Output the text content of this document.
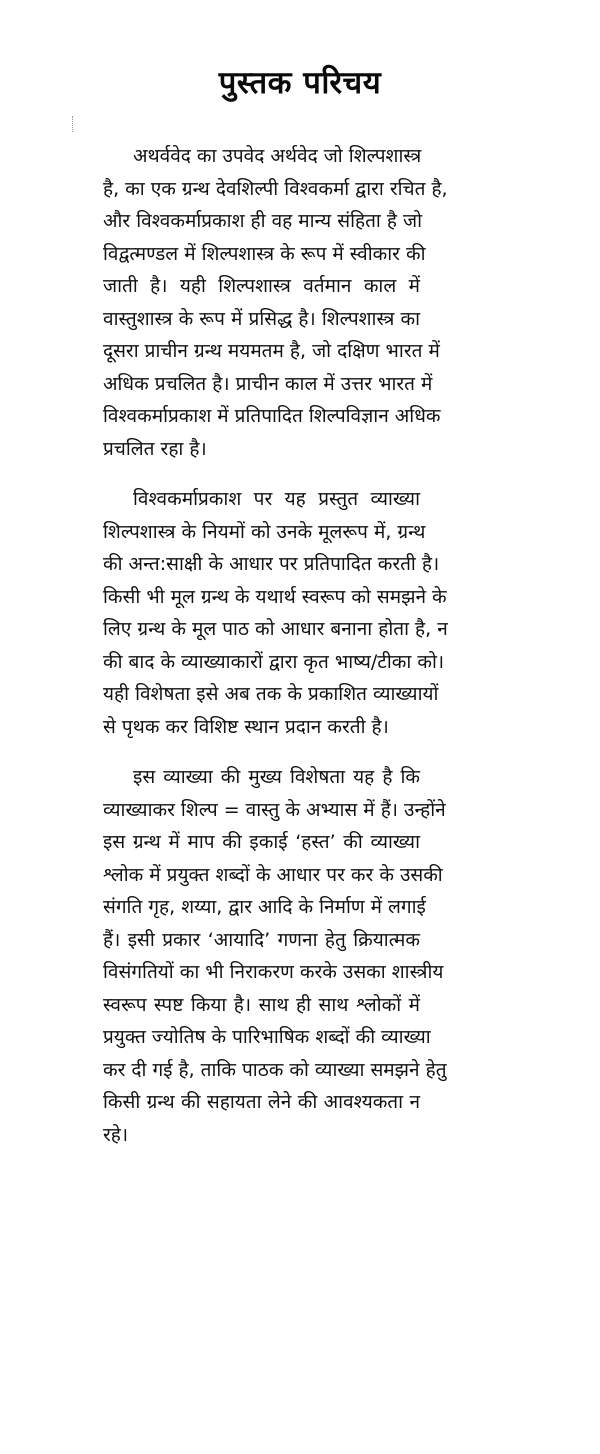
पुस्तक परिचय
अथर्ववेद का उपवेद अर्थवेद जो शिल्पशास्त्र
है, का एक ग्रन्थ देवशिल्पी विश्वकर्मा द्वारा रचित है,
और विश्वकर्माप्रकाश ही वह मान्य संहिता है जो
विद्वत्मण्डल में शिल्पशास्त्र के रूप में स्वीकार की
जाती है। यही शिल्पशास्त्र वर्तमान काल में
वास्तुशास्त्र के रूप में प्रसिद्ध है। शिल्पशास्त्र का
दूसरा प्राचीन ग्रन्थ मयमतम है, जो दक्षिण भारत में
अधिक प्रचलित है। प्राचीन काल में उत्तर भारत में
विश्वकर्माप्रकाश में प्रतिपादित शिल्पविज्ञान अधिक
प्रचलित रहा है।
विश्वकर्माप्रकाश पर यह प्रस्तुत व्याख्या
शिल्पशास्त्र के नियमों को उनके मूलरूप में, ग्रन्थ
की अन्त:साक्षी के आधार पर प्रतिपादित करती है।
किसी भी मूल ग्रन्थ के यथार्थ स्वरूप को समझने के
लिए ग्रन्थ के मूल पाठ को आधार बनाना होता है, न
की बाद के व्याख्याकारों द्वारा कृत भाष्य/टीका को।
यही विशेषता इसे अब तक के प्रकाशित व्याख्यायों
से पृथक कर विशिष्ट स्थान प्रदान करती है।
इस व्याख्या की मुख्य विशेषता यह है कि
व्याख्याकर शिल्प = वास्तु के अभ्यास में हैं। उन्होंने
इस ग्रन्थ में माप की इकाई ‘हस्त’ की व्याख्या
श्लोक में प्रयुक्त शब्दों के आधार पर कर के उसकी
संगति गृह, शय्या, द्वार आदि के निर्माण में लगाई
हैं। इसी प्रकार ‘आयादि’ गणना हेतु क्रियात्मक
विसंगतियों का भी निराकरण करके उसका शास्त्रीय
स्वरूप स्पष्ट किया है। साथ ही साथ श्लोकों में
प्रयुक्त ज्योतिष के पारिभाषिक शब्दों की व्याख्या
कर दी गई है, ताकि पाठक को व्याख्या समझने हेतु
किसी ग्रन्थ की सहायता लेने की आवश्यकता न
रहे।
